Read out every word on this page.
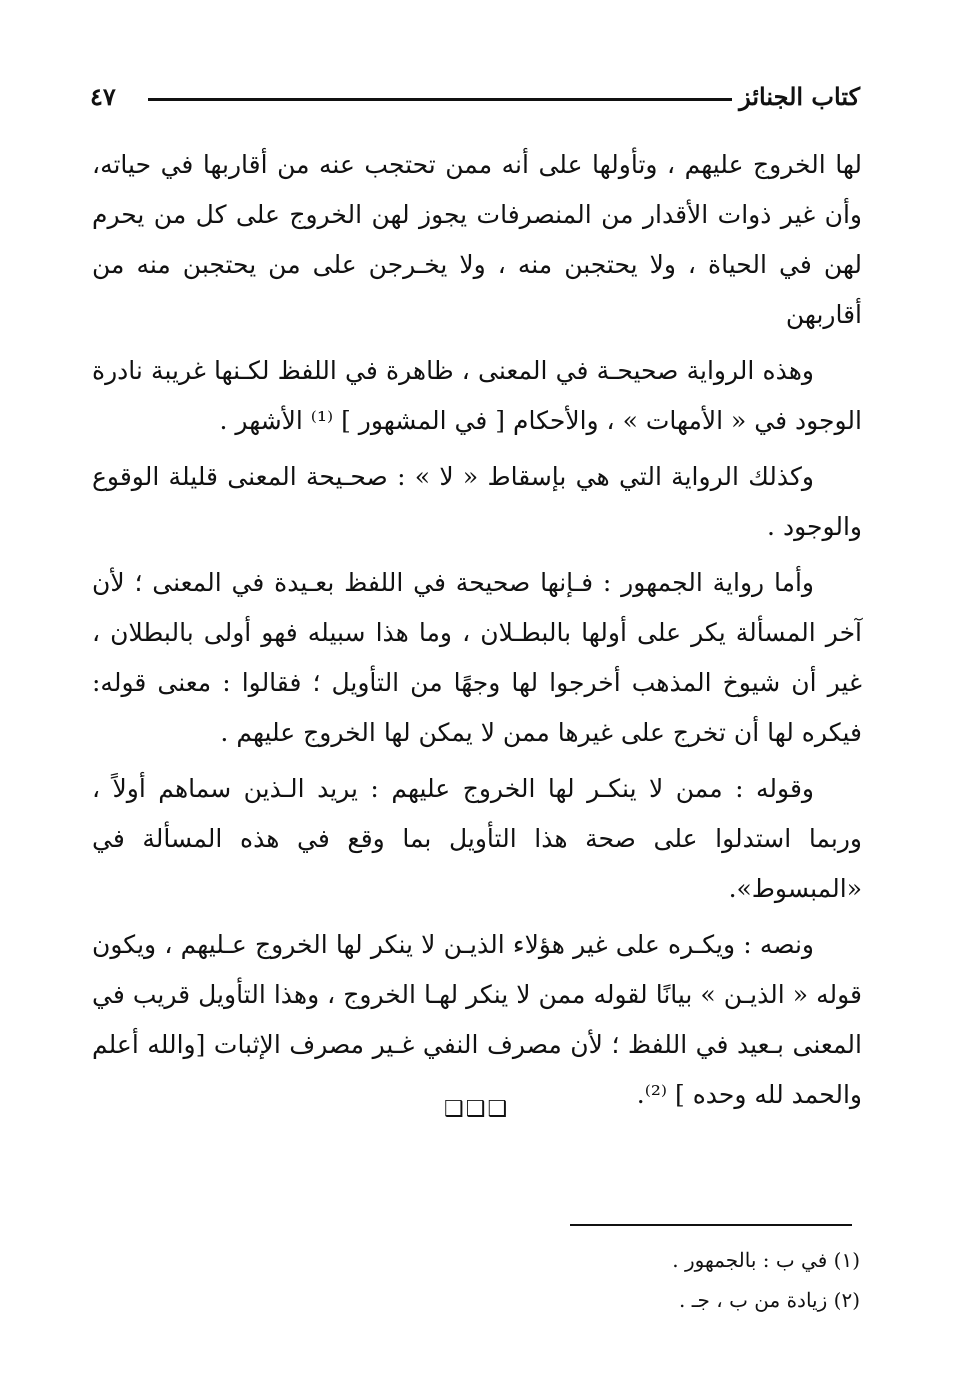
كتاب الجنائز
٤٧

لها الخروج عليهم ، وتأولها على أنه ممن تحتجب عنه من أقاربها في حياته، وأن غير ذوات الأقدار من المنصرفات يجوز لهن الخروج على كل من يحرم لهن في الحياة ، ولا يحتجبن منه ، ولا يخـرجن على من يحتجبن منه من أقاربهن

وهذه الرواية صحيحـة في المعنى ، ظاهرة في اللفظ لكـنها غريبة نادرة الوجود في « الأمهات » ، والأحكام [ في المشهور ] ⁽¹⁾ الأشهر .

وكذلك الرواية التي هي بإسقاط « لا » : صحـيحة المعنى قليلة الوقوع والوجود .

وأما رواية الجمهور : فـإنها صحيحة في اللفظ بعـيدة في المعنى ؛ لأن آخر المسألة يكر على أولها بالبطـلان ، وما هذا سبيله فهو أولى بالبطلان ، غير أن شيوخ المذهب أخرجوا لها وجهًا من التأويل ؛ فقالوا : معنى قوله: فيكره لها أن تخرج على غيرها ممن لا يمكن لها الخروج عليهم .

وقوله : ممن لا ينكـر لها الخروج عليهم : يريد الـذين سماهم أولاً ، وربما استدلوا على صحة هذا التأويل بما وقع في هذه المسألة في «المبسوط».

ونصه : ويكـره على غير هؤلاء الذيـن لا ينكر لها الخروج عـليهم ، ويكون قوله « الذيـن » بيانًا لقوله ممن لا ينكر لهـا الخروج ، وهذا التأويل قريب في المعنى بـعيد في اللفظ ؛ لأن مصرف النفي غـير مصرف الإثبات [والله أعلم والحمد لله وحده ] ⁽²⁾.

❑❑❑

(١) في ب : بالجمهور .

(٢) زيادة من ب ، جـ .
